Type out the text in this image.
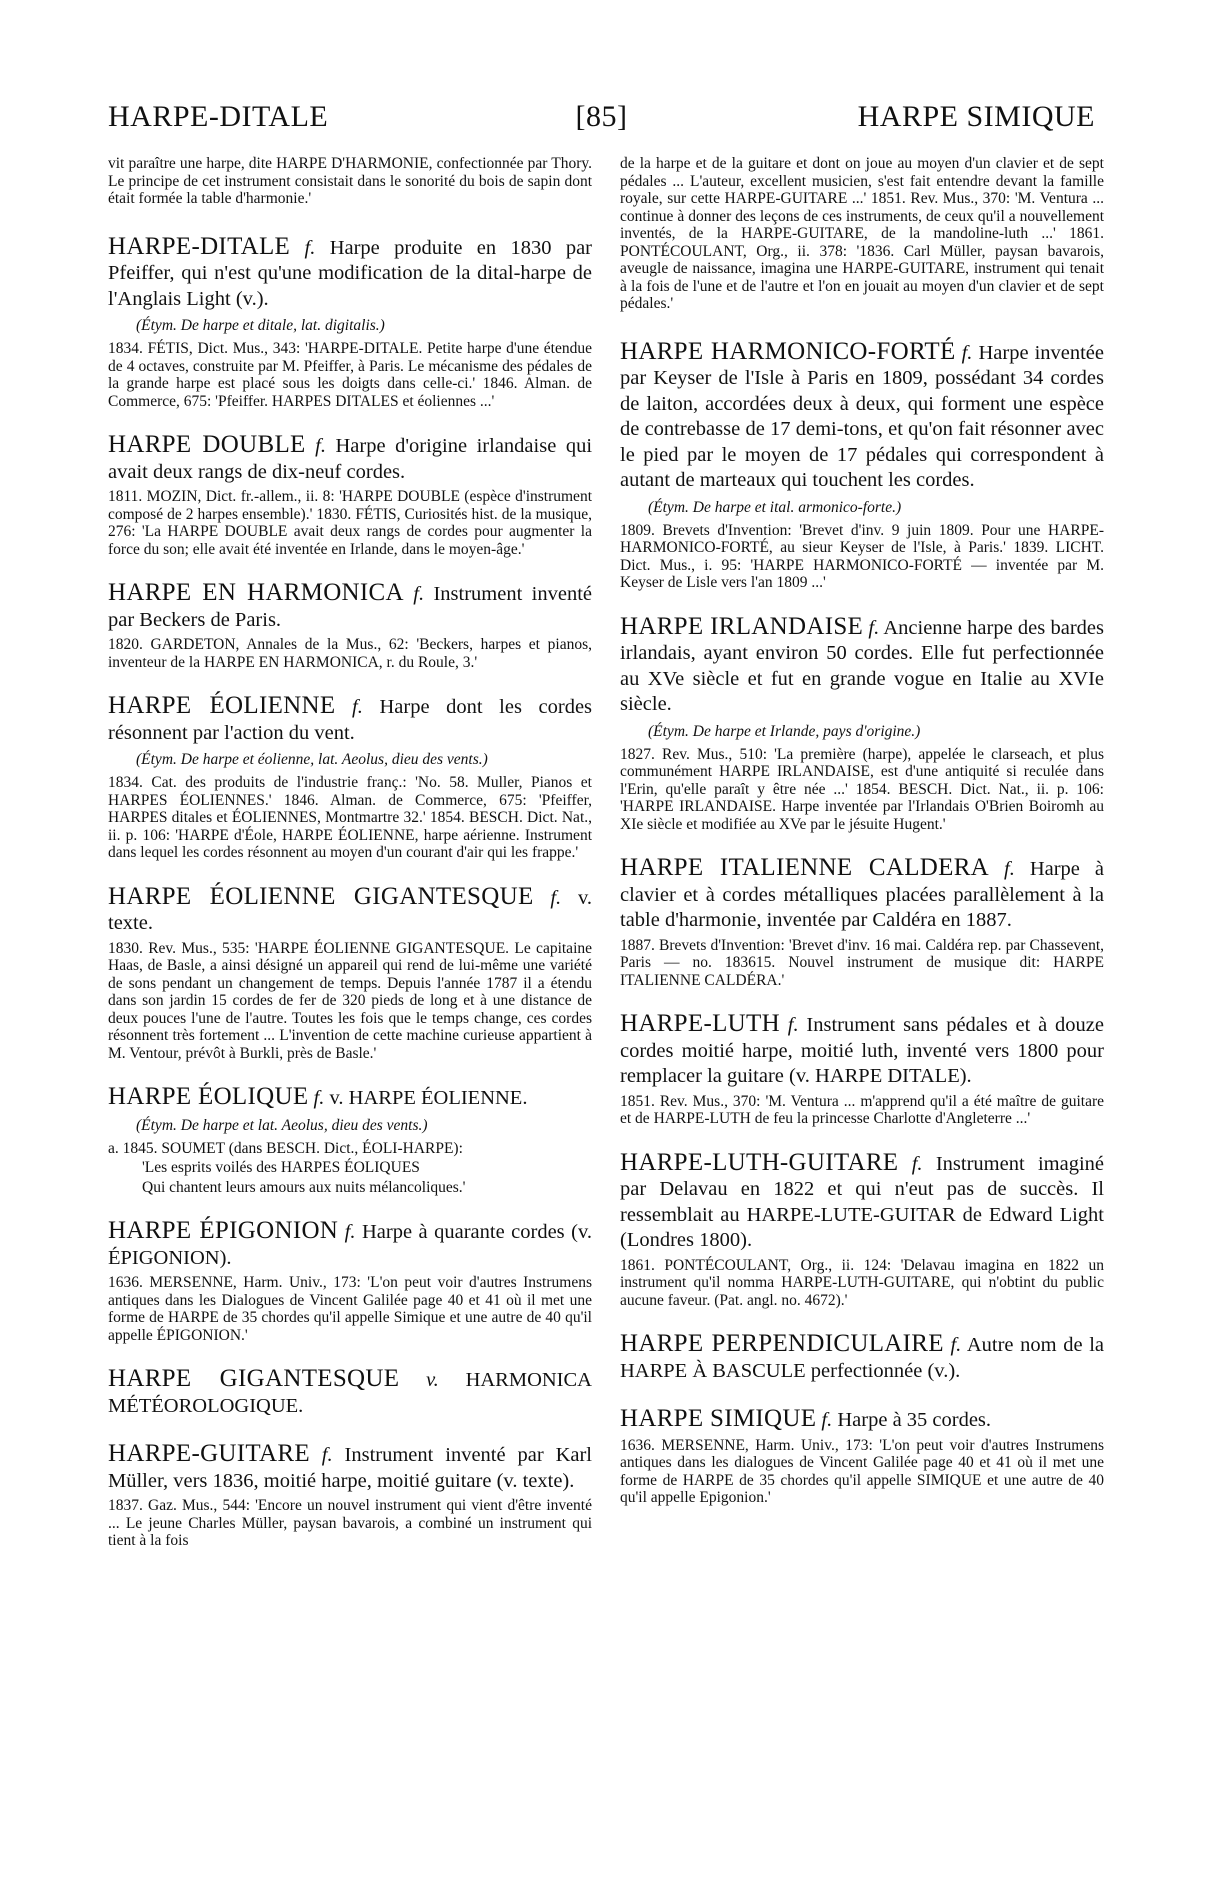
HARPE-DITALE	[85]	HARPE SIMIQUE

vit paraître une harpe, dite HARPE D'HARMONIE, confectionnée par Thory. Le principe de cet instrument consistait dans le sonorité du bois de sapin dont était formée la table d'harmonie.'

HARPE-DITALE f. Harpe produite en 1830 par Pfeiffer, qui n'est qu'une modification de la dital-harpe de l'Anglais Light (v.).

(Étym. De harpe et ditale, lat. digitalis.)

1834. FÉTIS, Dict. Mus., 343: 'HARPE-DITALE. Petite harpe d'une étendue de 4 octaves, construite par M. Pfeiffer, à Paris. Le mécanisme des pédales de la grande harpe est placé sous les doigts dans celle-ci.' 1846. Alman. de Commerce, 675: 'Pfeiffer. HARPES DITALES et éoliennes ...'

HARPE DOUBLE f. Harpe d'origine irlandaise qui avait deux rangs de dix-neuf cordes.

1811. MOZIN, Dict. fr.-allem., ii. 8: 'HARPE DOUBLE (espèce d'instrument composé de 2 harpes ensemble).' 1830. FÉTIS, Curiosités hist. de la musique, 276: 'La HARPE DOUBLE avait deux rangs de cordes pour augmenter la force du son; elle avait été inventée en Irlande, dans le moyen-âge.'

HARPE EN HARMONICA f. Instrument inventé par Beckers de Paris.

1820. GARDETON, Annales de la Mus., 62: 'Beckers, harpes et pianos, inventeur de la HARPE EN HARMONICA, r. du Roule, 3.'

HARPE ÉOLIENNE f. Harpe dont les cordes résonnent par l'action du vent.

(Étym. De harpe et éolienne, lat. Aeolus, dieu des vents.)

1834. Cat. des produits de l'industrie franç.: 'No. 58. Muller, Pianos et HARPES ÉOLIENNES.' 1846. Alman. de Commerce, 675: 'Pfeiffer, HARPES ditales et ÉOLIENNES, Montmartre 32.' 1854. BESCH. Dict. Nat., ii. p. 106: 'HARPE d'Éole, HARPE ÉOLIENNE, harpe aérienne. Instrument dans lequel les cordes résonnent au moyen d'un courant d'air qui les frappe.'

HARPE ÉOLIENNE GIGANTESQUE f. v. texte.

1830. Rev. Mus., 535: 'HARPE ÉOLIENNE GIGANTESQUE. Le capitaine Haas, de Basle, a ainsi désigné un appareil qui rend de lui-même une variété de sons pendant un changement de temps. Depuis l'année 1787 il a étendu dans son jardin 15 cordes de fer de 320 pieds de long et à une distance de deux pouces l'une de l'autre. Toutes les fois que le temps change, ces cordes résonnent très fortement ... L'invention de cette machine curieuse appartient à M. Ventour, prévôt à Burkli, près de Basle.'

HARPE ÉOLIQUE f. v. HARPE ÉOLIENNE.

(Étym. De harpe et lat. Aeolus, dieu des vents.)

a. 1845. SOUMET (dans BESCH. Dict., ÉOLI-HARPE):

'Les esprits voilés des HARPES ÉOLIQUES

Qui chantent leurs amours aux nuits mélancoliques.'

HARPE ÉPIGONION f. Harpe à quarante cordes (v. ÉPIGONION).

1636. MERSENNE, Harm. Univ., 173: 'L'on peut voir d'autres Instrumens antiques dans les Dialogues de Vincent Galilée page 40 et 41 où il met une forme de HARPE de 35 chordes qu'il appelle Simique et une autre de 40 qu'il appelle ÉPIGONION.'

HARPE GIGANTESQUE v. HARMONICA MÉTÉOROLOGIQUE.

HARPE-GUITARE f. Instrument inventé par Karl Müller, vers 1836, moitié harpe, moitié guitare (v. texte).

1837. Gaz. Mus., 544: 'Encore un nouvel instrument qui vient d'être inventé ... Le jeune Charles Müller, paysan bavarois, a combiné un instrument qui tient à la fois

de la harpe et de la guitare et dont on joue au moyen d'un clavier et de sept pédales ... L'auteur, excellent musicien, s'est fait entendre devant la famille royale, sur cette HARPE-GUITARE ...' 1851. Rev. Mus., 370: 'M. Ventura ... continue à donner des leçons de ces instruments, de ceux qu'il a nouvellement inventés, de la HARPE-GUITARE, de la mandoline-luth ...' 1861. PONTÉCOULANT, Org., ii. 378: '1836. Carl Müller, paysan bavarois, aveugle de naissance, imagina une HARPE-GUITARE, instrument qui tenait à la fois de l'une et de l'autre et l'on en jouait au moyen d'un clavier et de sept pédales.'

HARPE HARMONICO-FORTÉ f. Harpe inventée par Keyser de l'Isle à Paris en 1809, possédant 34 cordes de laiton, accordées deux à deux, qui forment une espèce de contrebasse de 17 demi-tons, et qu'on fait résonner avec le pied par le moyen de 17 pédales qui correspondent à autant de marteaux qui touchent les cordes.

(Étym. De harpe et ital. armonico-forte.)

1809. Brevets d'Invention: 'Brevet d'inv. 9 juin 1809. Pour une HARPE-HARMONICO-FORTÉ, au sieur Keyser de l'Isle, à Paris.' 1839. LICHT. Dict. Mus., i. 95: 'HARPE HARMONICO-FORTÉ — inventée par M. Keyser de Lisle vers l'an 1809 ...'

HARPE IRLANDAISE f. Ancienne harpe des bardes irlandais, ayant environ 50 cordes. Elle fut perfectionnée au XVe siècle et fut en grande vogue en Italie au XVIe siècle.

(Étym. De harpe et Irlande, pays d'origine.)

1827. Rev. Mus., 510: 'La première (harpe), appelée le clarseach, et plus communément HARPE IRLANDAISE, est d'une antiquité si reculée dans l'Erin, qu'elle paraît y être née ...' 1854. BESCH. Dict. Nat., ii. p. 106: 'HARPE IRLANDAISE. Harpe inventée par l'Irlandais O'Brien Boiromh au XIe siècle et modifiée au XVe par le jésuite Hugent.'

HARPE ITALIENNE CALDERA f. Harpe à clavier et à cordes métalliques placées parallèlement à la table d'harmonie, inventée par Caldéra en 1887.

1887. Brevets d'Invention: 'Brevet d'inv. 16 mai. Caldéra rep. par Chassevent, Paris — no. 183615. Nouvel instrument de musique dit: HARPE ITALIENNE CALDÉRA.'

HARPE-LUTH f. Instrument sans pédales et à douze cordes moitié harpe, moitié luth, inventé vers 1800 pour remplacer la guitare (v. HARPE DITALE).

1851. Rev. Mus., 370: 'M. Ventura ... m'apprend qu'il a été maître de guitare et de HARPE-LUTH de feu la princesse Charlotte d'Angleterre ...'

HARPE-LUTH-GUITARE f. Instrument imaginé par Delavau en 1822 et qui n'eut pas de succès. Il ressemblait au HARPE-LUTE-GUITAR de Edward Light (Londres 1800).

1861. PONTÉCOULANT, Org., ii. 124: 'Delavau imagina en 1822 un instrument qu'il nomma HARPE-LUTH-GUITARE, qui n'obtint du public aucune faveur. (Pat. angl. no. 4672).'

HARPE PERPENDICULAIRE f. Autre nom de la HARPE À BASCULE perfectionnée (v.).

HARPE SIMIQUE f. Harpe à 35 cordes.

1636. MERSENNE, Harm. Univ., 173: 'L'on peut voir d'autres Instrumens antiques dans les dialogues de Vincent Galilée page 40 et 41 où il met une forme de HARPE de 35 chordes qu'il appelle SIMIQUE et une autre de 40 qu'il appelle Epigonion.'
